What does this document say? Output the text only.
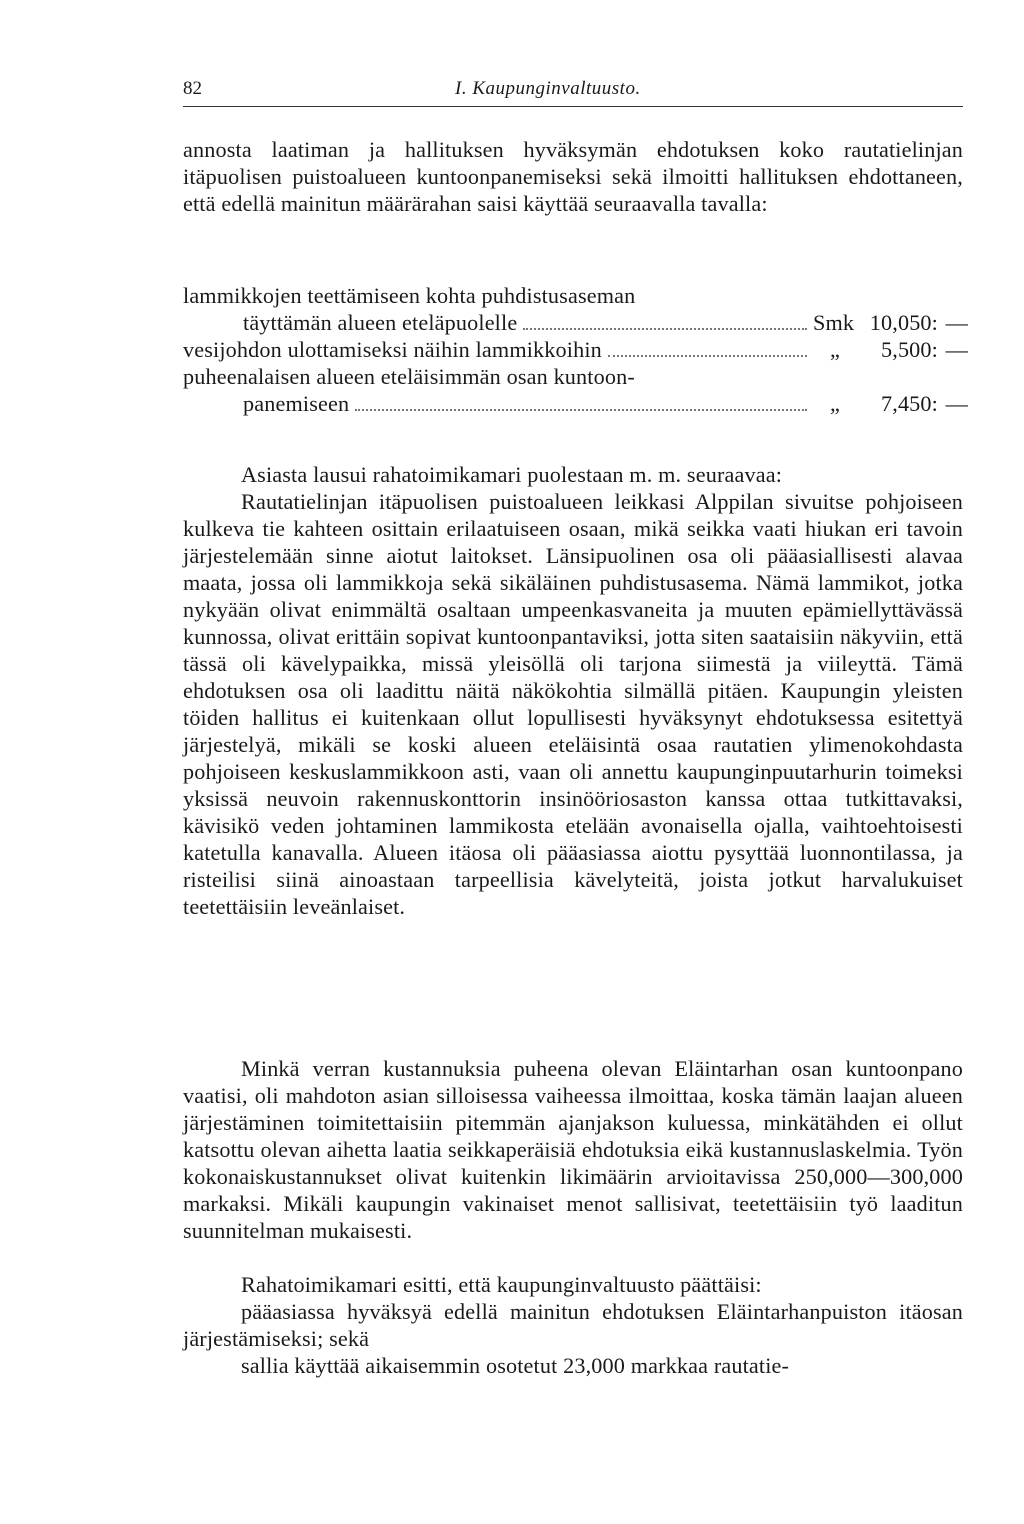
82	I. Kaupunginvaltuusto.

annosta laatiman ja hallituksen hyväksymän ehdotuksen koko rautatielinjan itäpuolisen puistoalueen kuntoonpanemiseksi sekä ilmoitti hallituksen ehdottaneen, että edellä mainitun määrärahan saisi käyttää seuraavalla tavalla:

lammikkojen teettämiseen kohta puhdistusaseman
täyttämän alueen eteläpuolelle	Smk 10,050: —
vesijohdon ulottamiseksi näihin lammikkoihin	„	5,500: —
puheenalaisen alueen eteläisimmän osan kuntoon-
panemiseen	„	7,450: —

Asiasta lausui rahatoimikamari puolestaan m. m. seuraavaa:

Rautatielinjan itäpuolisen puistoalueen leikkasi Alppilan sivuitse pohjoiseen kulkeva tie kahteen osittain erilaatuiseen osaan, mikä seikka vaati hiukan eri tavoin järjestelemään sinne aiotut laitokset. Länsipuolinen osa oli pääasiallisesti alavaa maata, jossa oli lammikkoja sekä sikäläinen puhdistusasema. Nämä lammikot, jotka nykyään olivat enimmältä osaltaan umpeenkasvaneita ja muuten epämiellyttävässä kunnossa, olivat erittäin sopivat kuntoonpantaviksi, jotta siten saataisiin näkyviin, että tässä oli kävelypaikka, missä yleisöllä oli tarjona siimestä ja viileyttä. Tämä ehdotuksen osa oli laadittu näitä näkökohtia silmällä pitäen. Kaupungin yleisten töiden hallitus ei kuitenkaan ollut lopullisesti hyväksynyt ehdotuksessa esitettyä järjestelyä, mikäli se koski alueen eteläisintä osaa rautatien ylimenokohdasta pohjoiseen keskuslammikkoon asti, vaan oli annettu kaupunginpuutarhurin toimeksi yksissä neuvoin rakennuskonttorin insinööriosaston kanssa ottaa tutkittavaksi, kävisikö veden johtaminen lammikosta etelään avonaisella ojalla, vaihtoehtoisesti katetulla kanavalla. Alueen itäosa oli pääasiassa aiottu pysyttää luonnontilassa, ja risteilisi siinä ainoastaan tarpeellisia kävelyteitä, joista jotkut harvalukuiset teetettäisiin leveänlaiset.

Minkä verran kustannuksia puheena olevan Eläintarhan osan kuntoonpano vaatisi, oli mahdoton asian silloisessa vaiheessa ilmoittaa, koska tämän laajan alueen järjestäminen toimitettaisiin pitemmän ajanjakson kuluessa, minkätähden ei ollut katsottu olevan aihetta laatia seikkaperäisiä ehdotuksia eikä kustannuslaskelmia. Työn kokonaiskustannukset olivat kuitenkin likimäärin arvioitavissa 250,000—300,000 markaksi. Mikäli kaupungin vakinaiset menot sallisivat, teetettäisiin työ laaditun suunnitelman mukaisesti.

Rahatoimikamari esitti, että kaupunginvaltuusto päättäisi:

pääasiassa hyväksyä edellä mainitun ehdotuksen Eläintarhanpuiston itäosan järjestämiseksi; sekä

sallia käyttää aikaisemmin osotetut 23,000 markkaa rautatie-
